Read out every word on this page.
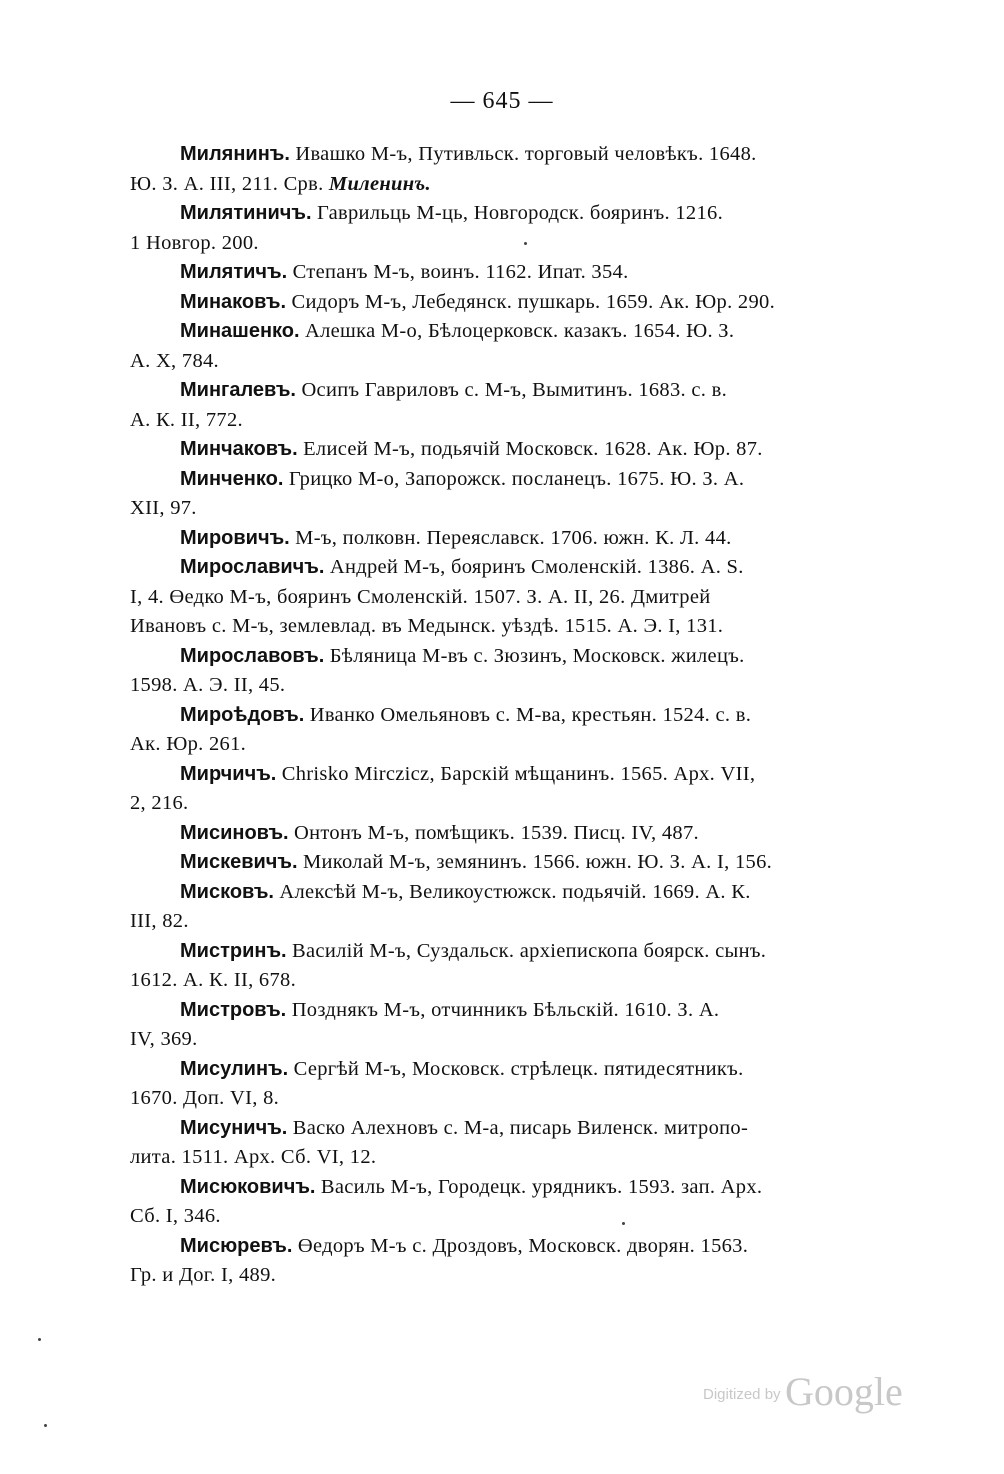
— 645 —
Милянинъ. Ивашко М-ъ, Путивльск. торговый человѣкъ. 1648.
Ю. З. А. III, 211. Срв. Миленинъ.
Милятиничъ. Гаврильць М-ць, Новгородск. бояринъ. 1216.
1 Новгор. 200.
Милятичъ. Степанъ М-ъ, воинъ. 1162. Ипат. 354.
Минаковъ. Сидоръ М-ъ, Лебедянск. пушкарь. 1659. Ак. Юр. 290.
Минашенко. Алешка М-о, Бѣлоцерковск. казакъ. 1654. Ю. З.
А. X, 784.
Мингалевъ. Осипъ Гавриловъ с. М-ъ, Вымитинъ. 1683. с. в.
А. К. II, 772.
Минчаковъ. Елисей М-ъ, подьячій Московск. 1628. Ак. Юр. 87.
Минченко. Грицко М-о, Запорожск. посланецъ. 1675. Ю. З. А.
XII, 97.
Мировичъ. М-ъ, полковн. Переяславск. 1706. южн. К. Л. 44.
Мирославичъ. Андрей М-ъ, бояринъ Смоленскій. 1386. А. S.
I, 4. Өедко М-ъ, бояринъ Смоленскій. 1507. З. А. II, 26. Дмитрей
Ивановъ с. М-ъ, землевлад. въ Медынск. уѣздѣ. 1515. А. Э. I, 131.
Мирославовъ. Бѣляница М-въ с. Зюзинъ, Московск. жилецъ.
1598. А. Э. II, 45.
Мироѣдовъ. Иванко Омельяновъ с. М-ва, крестьян. 1524. с. в.
Ак. Юр. 261.
Мирчичъ. Chrisko Mirczicz, Барскій мѣщанинъ. 1565. Арх. VII,
2, 216.
Мисиновъ. Онтонъ М-ъ, помѣщикъ. 1539. Писц. IV, 487.
Мискевичъ. Миколай М-ъ, земянинъ. 1566. южн. Ю. З. А. I, 156.
Мисковъ. Алексѣй М-ъ, Великоустюжск. подьячій. 1669. А. К.
III, 82.
Мистринъ. Василій М-ъ, Суздальск. архіепископа боярск. сынъ.
1612. А. К. II, 678.
Мистровъ. Позднякъ М-ъ, отчинникъ Бѣльскій. 1610. З. А.
IV, 369.
Мисулинъ. Сергѣй М-ъ, Московск. стрѣлецк. пятидесятникъ.
1670. Доп. VI, 8.
Мисуничъ. Васко Алехновъ с. М-а, писарь Виленск. митропо-
лита. 1511. Арх. Сб. VI, 12.
Мисюковичъ. Василь М-ъ, Городецк. урядникъ. 1593. зап. Арх.
Сб. I, 346.
Мисюревъ. Өедоръ М-ъ с. Дроздовъ, Московск. дворян. 1563.
Гр. и Дог. I, 489.
Digitized by Google
